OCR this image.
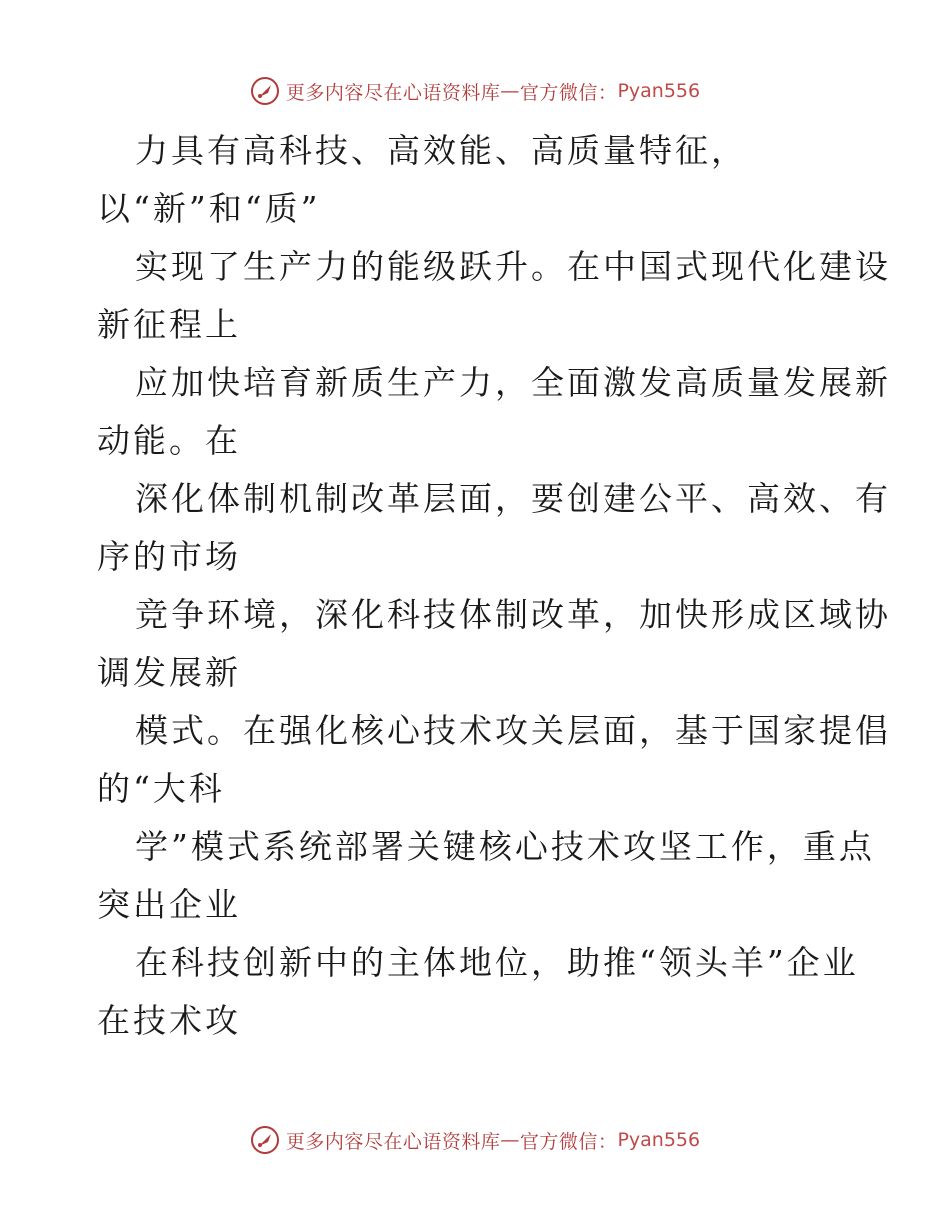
更多内容尽在心语资料库 — 官方微信： Pyan556
力具有高科技、高效能、高质量特征，
以“新”和“质”
实现了生产力的能级跃升。在中国式现代化建设
新征程上
应加快培育新质生产力，全面激发高质量发展新
动能。在
深化体制机制改革层面，要创建公平、高效、有
序的市场
竞争环境，深化科技体制改革，加快形成区域协
调发展新
模式。在强化核心技术攻关层面，基于国家提倡
的“大科
学”模式系统部署关键核心技术攻坚工作，重点
突出企业
在科技创新中的主体地位，助推“领头羊”企业
在技术攻
更多内容尽在心语资料库 — 官方微信： Pyan556
